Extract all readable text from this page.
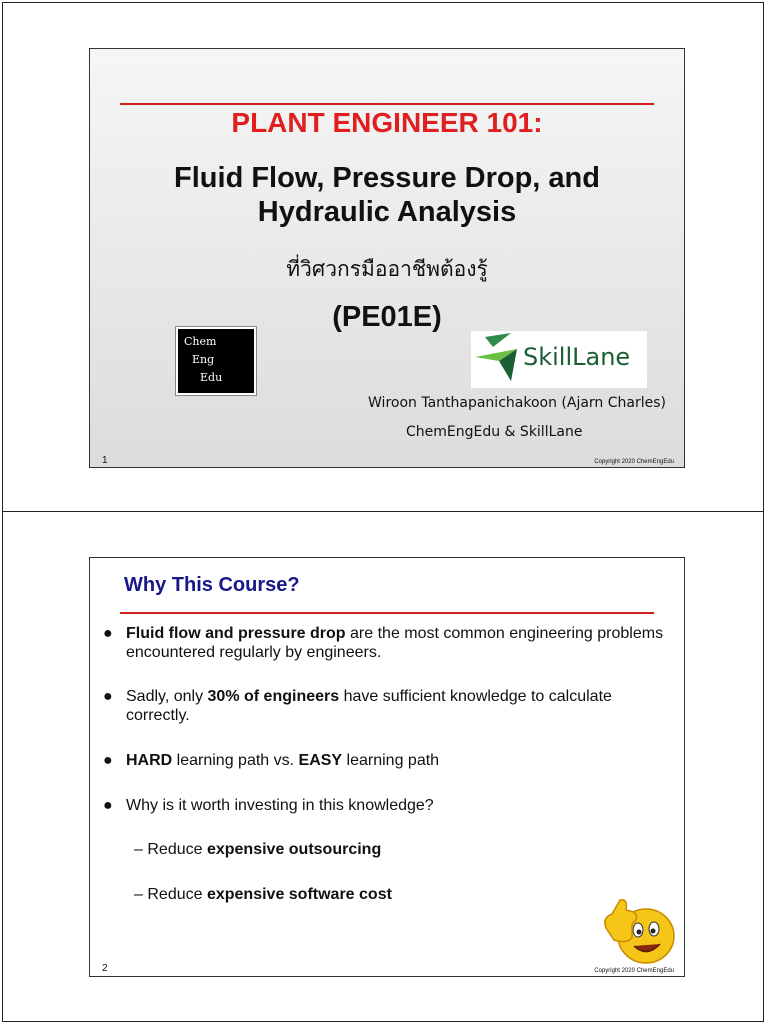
PLANT ENGINEER 101:
Fluid Flow, Pressure Drop, and
Hydraulic Analysis
ที่วิศวกรมืออาชีพต้องรู้
(PE01E)
Chem
Eng
Edu
SkillLane
Wiroon Tanthapanichakoon (Ajarn Charles)
ChemEngEdu & SkillLane
1	Copyright 2020 ChemEngEdu
Why This Course?
● Fluid flow and pressure drop are the most common engineering problems encountered regularly by engineers.
● Sadly, only 30% of engineers have sufficient knowledge to calculate correctly.
● HARD learning path vs. EASY learning path
● Why is it worth investing in this knowledge?
– Reduce expensive outsourcing
– Reduce expensive software cost
2	Copyright 2020 ChemEngEdu
